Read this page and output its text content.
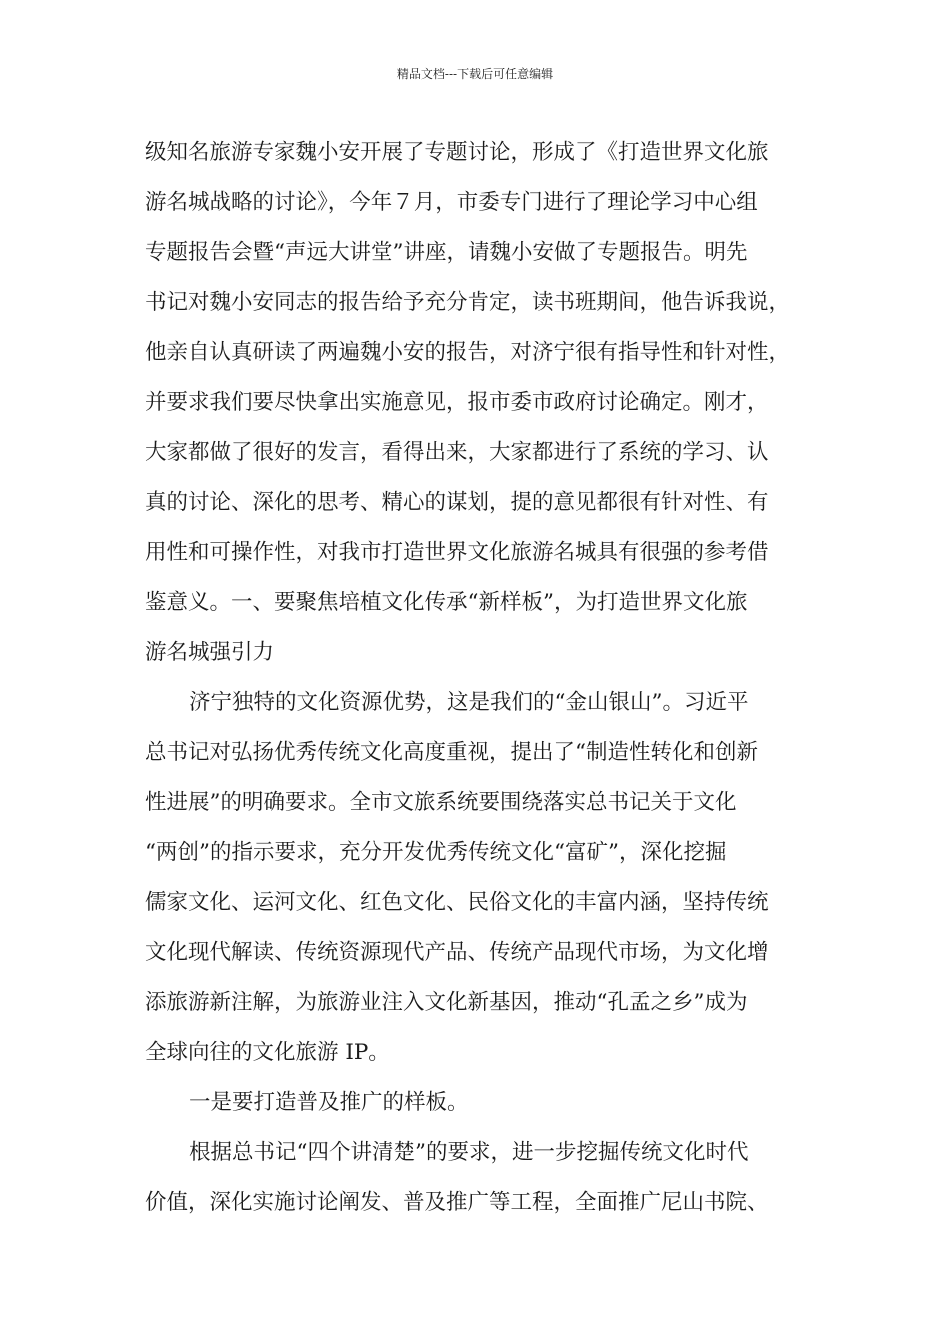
精品文档---下载后可任意编辑
级知名旅游专家魏小安开展了专题讨论，形成了《打造世界文化旅
游名城战略的讨论》，今年７月，市委专门进行了理论学习中心组
专题报告会暨“声远大讲堂”讲座，请魏小安做了专题报告。明先
书记对魏小安同志的报告给予充分肯定，读书班期间，他告诉我说，
他亲自认真研读了两遍魏小安的报告，对济宁很有指导性和针对性，
并要求我们要尽快拿出实施意见，报市委市政府讨论确定。刚才，
大家都做了很好的发言，看得出来，大家都进行了系统的学习、认
真的讨论、深化的思考、精心的谋划，提的意见都很有针对性、有
用性和可操作性，对我市打造世界文化旅游名城具有很强的参考借
鉴意义。一、要聚焦培植文化传承“新样板”，为打造世界文化旅
游名城强引力
济宁独特的文化资源优势，这是我们的“金山银山”。习近平
总书记对弘扬优秀传统文化高度重视，提出了“制造性转化和创新
性进展”的明确要求。全市文旅系统要围绕落实总书记关于文化
“两创”的指示要求，充分开发优秀传统文化“富矿”，深化挖掘
儒家文化、运河文化、红色文化、民俗文化的丰富内涵，坚持传统
文化现代解读、传统资源现代产品、传统产品现代市场，为文化增
添旅游新注解，为旅游业注入文化新基因，推动“孔孟之乡”成为
全球向往的文化旅游 IP。
一是要打造普及推广的样板。
根据总书记“四个讲清楚”的要求，进一步挖掘传统文化时代
价值，深化实施讨论阐发、普及推广等工程，全面推广尼山书院、
